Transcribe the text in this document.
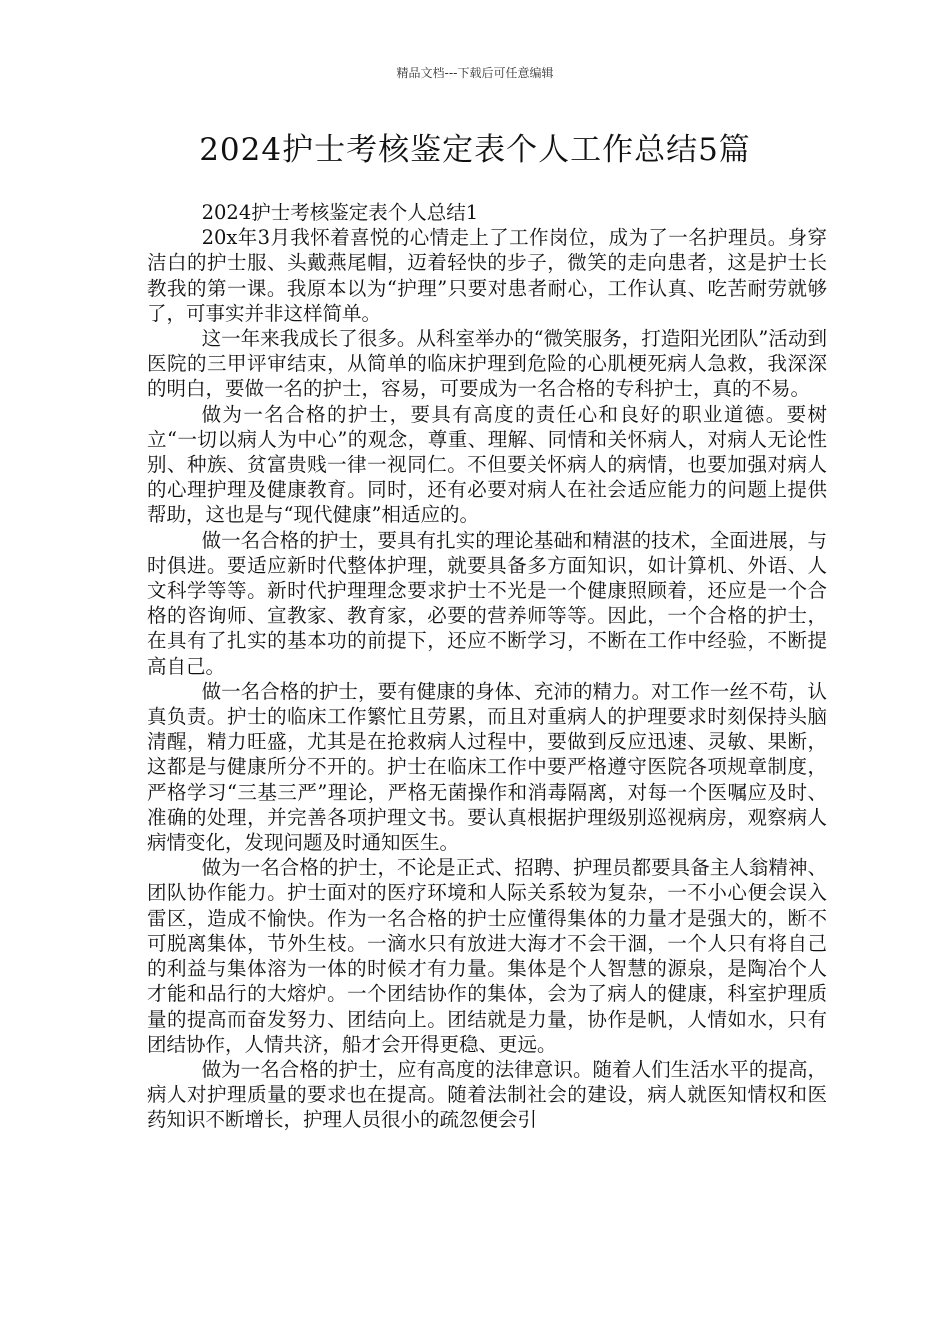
精品文档---下载后可任意编辑
2024护士考核鉴定表个人工作总结5篇

2024护士考核鉴定表个人总结1

20x年3月我怀着喜悦的心情走上了工作岗位，成为了一名护理员。身穿洁白的护士服、头戴燕尾帽，迈着轻快的步子，微笑的走向患者，这是护士长教我的第一课。我原本以为“护理”只要对患者耐心，工作认真、吃苦耐劳就够了，可事实并非这样简单。

这一年来我成长了很多。从科室举办的“微笑服务，打造阳光团队”活动到医院的三甲评审结束，从简单的临床护理到危险的心肌梗死病人急救，我深深的明白，要做一名的护士，容易，可要成为一名合格的专科护士，真的不易。

做为一名合格的护士，要具有高度的责任心和良好的职业道德。要树立“一切以病人为中心”的观念，尊重、理解、同情和关怀病人，对病人无论性别、种族、贫富贵贱一律一视同仁。不但要关怀病人的病情，也要加强对病人的心理护理及健康教育。同时，还有必要对病人在社会适应能力的问题上提供帮助，这也是与“现代健康”相适应的。

做一名合格的护士，要具有扎实的理论基础和精湛的技术，全面进展，与时俱进。要适应新时代整体护理，就要具备多方面知识，如计算机、外语、人文科学等等。新时代护理理念要求护士不光是一个健康照顾着，还应是一个合格的咨询师、宣教家、教育家，必要的营养师等等。因此，一个合格的护士，在具有了扎实的基本功的前提下，还应不断学习，不断在工作中经验，不断提高自己。

做一名合格的护士，要有健康的身体、充沛的精力。对工作一丝不苟，认真负责。护士的临床工作繁忙且劳累，而且对重病人的护理要求时刻保持头脑清醒，精力旺盛，尤其是在抢救病人过程中，要做到反应迅速、灵敏、果断，这都是与健康所分不开的。护士在临床工作中要严格遵守医院各项规章制度，严格学习“三基三严”理论，严格无菌操作和消毒隔离，对每一个医嘱应及时、准确的处理，并完善各项护理文书。要认真根据护理级别巡视病房，观察病人病情变化，发现问题及时通知医生。

做为一名合格的护士，不论是正式、招聘、护理员都要具备主人翁精神、团队协作能力。护士面对的医疗环境和人际关系较为复杂，一不小心便会误入雷区，造成不愉快。作为一名合格的护士应懂得集体的力量才是强大的，断不可脱离集体，节外生枝。一滴水只有放进大海才不会干涸，一个人只有将自己的利益与集体溶为一体的时候才有力量。集体是个人智慧的源泉，是陶冶个人才能和品行的大熔炉。一个团结协作的集体，会为了病人的健康，科室护理质量的提高而奋发努力、团结向上。团结就是力量，协作是帆，人情如水，只有团结协作，人情共济，船才会开得更稳、更远。

做为一名合格的护士，应有高度的法律意识。随着人们生活水平的提高，病人对护理质量的要求也在提高。随着法制社会的建设，病人就医知情权和医药知识不断增长，护理人员很小的疏忽便会引
